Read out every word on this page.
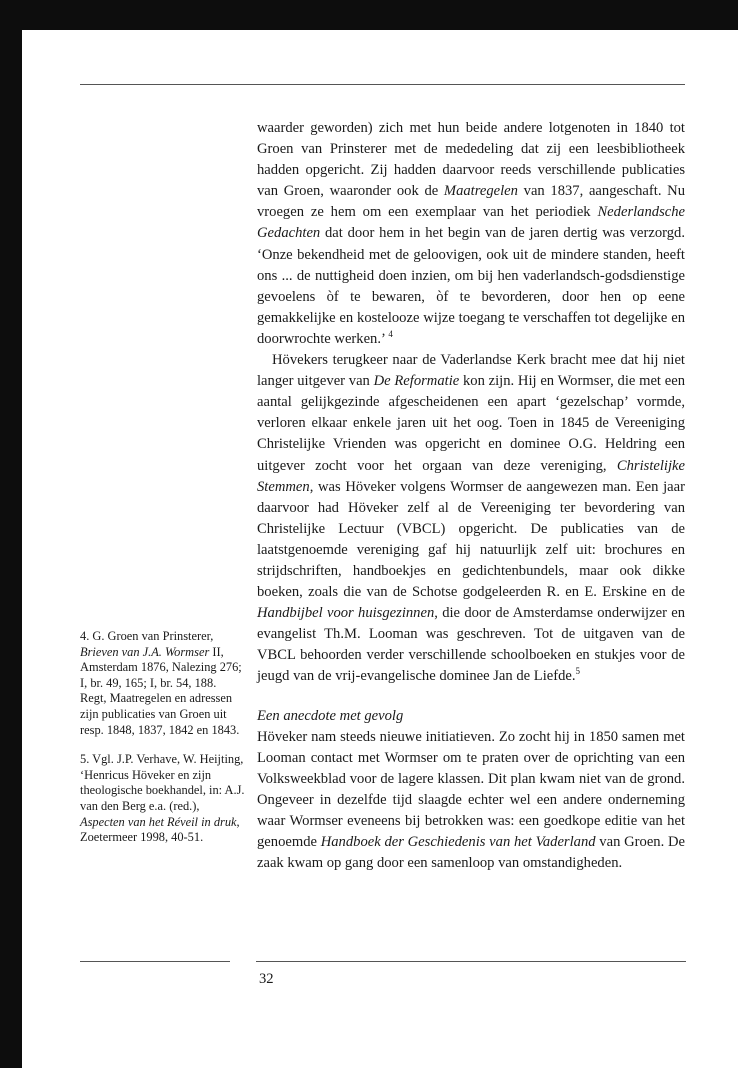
waarder geworden) zich met hun beide andere lotgenoten in 1840 tot Groen van Prinsterer met de mededeling dat zij een leesbibliotheek hadden opgericht. Zij hadden daarvoor reeds verschillende publicaties van Groen, waaronder ook de Maatregelen van 1837, aangeschaft. Nu vroegen ze hem om een exemplaar van het periodiek Nederlandsche Gedachten dat door hem in het begin van de jaren dertig was verzorgd. ‘Onze bekendheid met de geloovigen, ook uit de mindere standen, heeft ons ... de nuttigheid doen inzien, om bij hen vaderlandsch-godsdienstige gevoelens òf te bewaren, òf te bevorderen, door hen op eene gemakkelijke en kostelooze wijze toegang te verschaffen tot degelijke en doorwrochte werken.’ $^4$

Hövekers terugkeer naar de Vaderlandse Kerk bracht mee dat hij niet langer uitgever van De Reformatie kon zijn. Hij en Wormser, die met een aantal gelijkgezinde afgescheidenen een apart ‘gezelschap’ vormde, verloren elkaar enkele jaren uit het oog. Toen in 1845 de Vereeniging Christelijke Vrienden was opgericht en dominee O.G. Heldring een uitgever zocht voor het orgaan van deze vereniging, Christelijke Stemmen, was Höveker volgens Wormser de aangewezen man. Een jaar daarvoor had Höveker zelf al de Vereeniging ter bevordering van Christelijke Lectuur (VBCL) opgericht. De publicaties van de laatstgenoemde vereniging gaf hij natuurlijk zelf uit: brochures en strijdschriften, handboekjes en gedichtenbundels, maar ook dikke boeken, zoals die van de Schotse godgeleerden R. en E. Erskine en de Handbijbel voor huisgezinnen, die door de Amsterdamse onderwijzer en evangelist Th.M. Looman was geschreven. Tot de uitgaven van de VBCL behoorden verder verschillende schoolboeken en stukjes voor de jeugd van de vrij-evangelische dominee Jan de Liefde.$^5$

Een anecdote met gevolg

Höveker nam steeds nieuwe initiatieven. Zo zocht hij in 1850 samen met Looman contact met Wormser om te praten over de oprichting van een Volksweekblad voor de lagere klassen. Dit plan kwam niet van de grond. Ongeveer in dezelfde tijd slaagde echter wel een andere onderneming waar Wormser eveneens bij betrokken was: een goedkope editie van het genoemde Handboek der Geschiedenis van het Vaderland van Groen. De zaak kwam op gang door een samenloop van omstandigheden.

4. G. Groen van Prinsterer, Brieven van J.A. Wormser II, Amsterdam 1876, Nalezing 276; I, br. 49, 165; I, br. 54, 188. Regt, Maatregelen en adressen zijn publicaties van Groen uit resp. 1848, 1837, 1842 en 1843.

5. Vgl. J.P. Verhave, W. Heijting, ‘Henricus Höveker en zijn theologische boekhandel, in: A.J. van den Berg e.a. (red.), Aspecten van het Réveil in druk, Zoetermeer 1998, 40-51.

32
